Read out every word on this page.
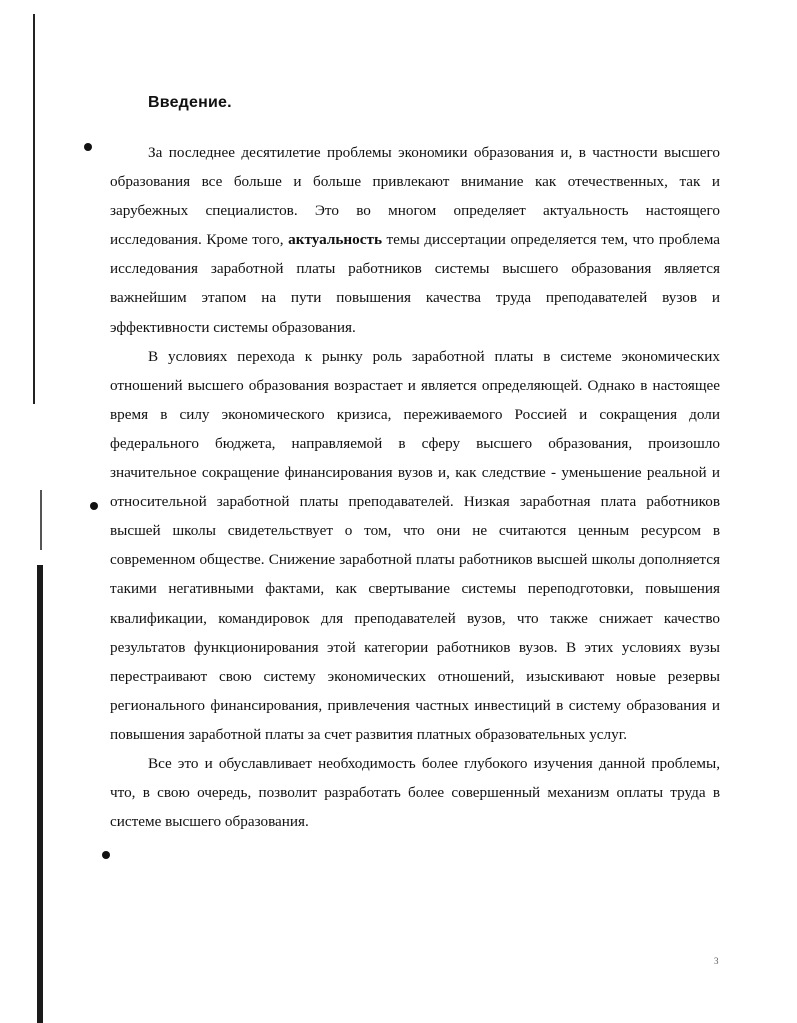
Введение.

За последнее десятилетие проблемы экономики образования и, в частности высшего образования все больше и больше привлекают внимание как отечественных, так и зарубежных специалистов. Это во многом определяет актуальность настоящего исследования. Кроме того, актуальность темы диссертации определяется тем, что проблема исследования заработной платы работников системы высшего образования является важнейшим этапом на пути повышения качества труда преподавателей вузов и эффективности системы образования.

В условиях перехода к рынку роль заработной платы в системе экономических отношений высшего образования возрастает и является определяющей. Однако в настоящее время в силу экономического кризиса, переживаемого Россией и сокращения доли федерального бюджета, направляемой в сферу высшего образования, произошло значительное сокращение финансирования вузов и, как следствие - уменьшение реальной и относительной заработной платы преподавателей. Низкая заработная плата работников высшей школы свидетельствует о том, что они не считаются ценным ресурсом в современном обществе. Снижение заработной платы работников высшей школы дополняется такими негативными фактами, как свертывание системы переподготовки, повышения квалификации, командировок для преподавателей вузов, что также снижает качество результатов функционирования этой категории работников вузов. В этих условиях вузы перестраивают свою систему экономических отношений, изыскивают новые резервы регионального финансирования, привлечения частных инвестиций в систему образования и повышения заработной платы за счет развития платных образовательных услуг.

Все это и обуславливает необходимость более глубокого изучения данной проблемы, что, в свою очередь, позволит разработать более совершенный механизм оплаты труда в системе высшего образования.

3
